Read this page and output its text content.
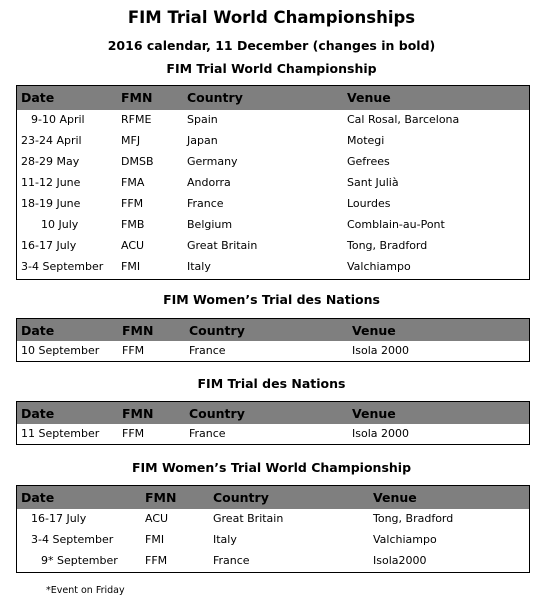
FIM Trial World Championships
2016 calendar, 11 December (changes in bold)
FIM Trial World Championship
Date	FMN	Country	Venue
9-10 April	RFME	Spain	Cal Rosal, Barcelona
23-24 April	MFJ	Japan	Motegi
28-29 May	DMSB	Germany	Gefrees
11-12 June	FMA	Andorra	Sant Julià
18-19 June	FFM	France	Lourdes
10 July	FMB	Belgium	Comblain-au-Pont
16-17 July	ACU	Great Britain	Tong, Bradford
3-4 September FMI	Italy	Valchiampo
FIM Women’s Trial des Nations
Date	FMN	Country	Venue
10 September FFM	France	Isola 2000
FIM Trial des Nations
Date	FMN	Country	Venue
11 September FFM	France	Isola 2000
FIM Women’s Trial World Championship
Date	FMN	Country	Venue
16-17 July	ACU	Great Britain	Tong, Bradford
3-4 September	FMI	Italy	Valchiampo
9* September FFM	France	Isola2000
*Event on Friday
